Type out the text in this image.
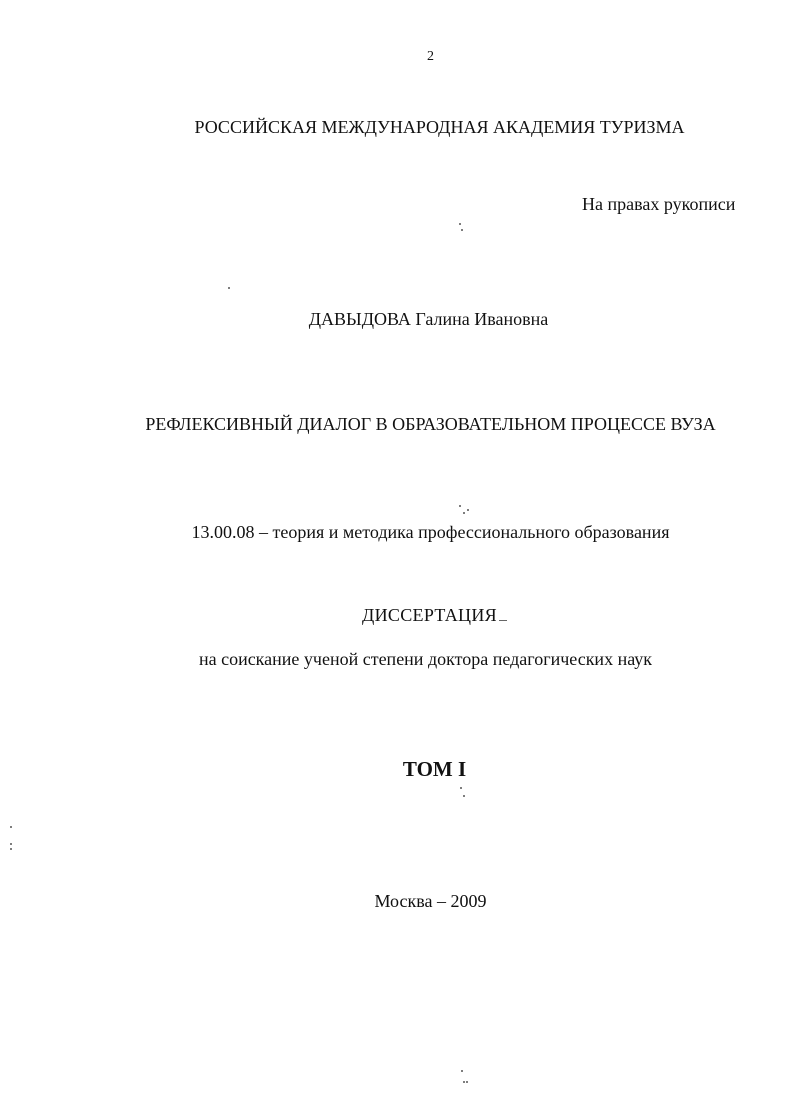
2
РОССИЙСКАЯ МЕЖДУНАРОДНАЯ АКАДЕМИЯ ТУРИЗМА
На правах рукописи
ДАВЫДОВА Галина Ивановна
РЕФЛЕКСИВНЫЙ ДИАЛОГ В ОБРАЗОВАТЕЛЬНОМ ПРОЦЕССЕ ВУЗА
13.00.08 – теория и методика профессионального образования
ДИССЕРТАЦИЯ
на соискание ученой степени доктора педагогических наук
ТОМ I
Москва – 2009
